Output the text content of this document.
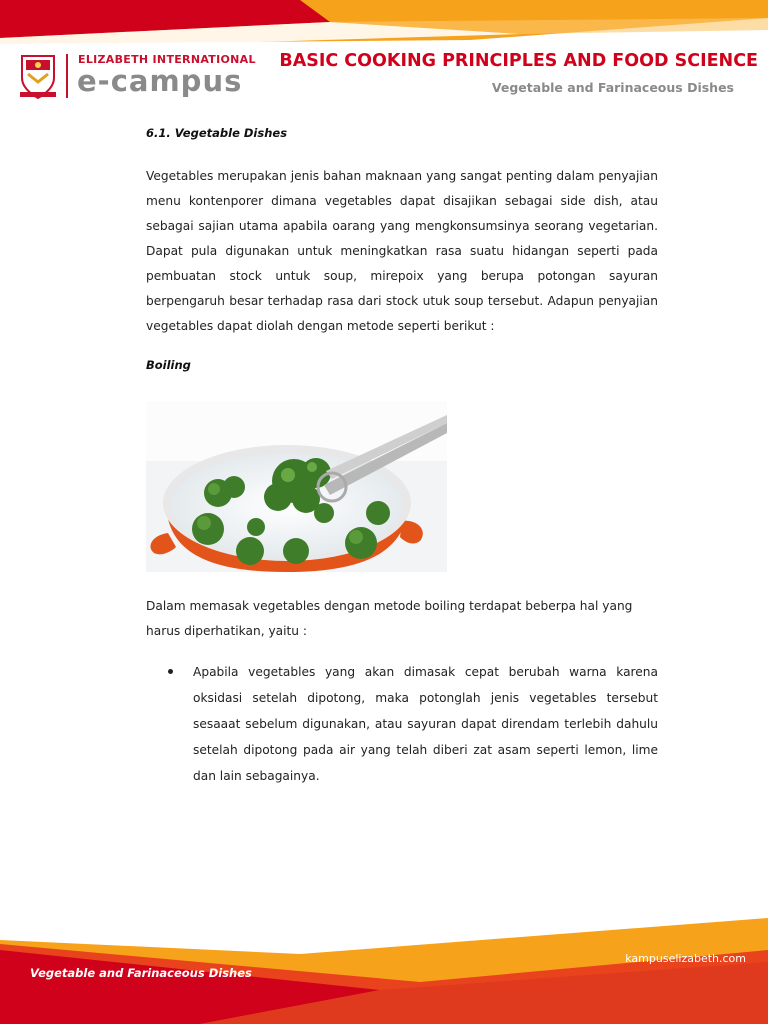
ELIZABETH INTERNATIONAL
e-campus
BASIC COOKING PRINCIPLES AND FOOD SCIENCE
Vegetable and Farinaceous Dishes
6.1. Vegetable Dishes

Vegetables merupakan jenis bahan maknaan yang sangat penting dalam penyajian menu kontenporer dimana vegetables dapat disajikan sebagai side dish, atau sebagai sajian utama apabila oarang yang mengkonsumsinya seorang vegetarian. Dapat pula digunakan untuk meningkatkan rasa suatu hidangan seperti pada pembuatan stock untuk soup, mirepoix yang berupa potongan sayuran berpengaruh besar terhadap rasa dari stock utuk soup tersebut. Adapun penyajian vegetables dapat diolah dengan metode seperti berikut :

Boiling

Dalam memasak vegetables dengan metode boiling terdapat beberpa hal yang harus diperhatikan, yaitu :

Apabila vegetables yang akan dimasak cepat berubah warna karena oksidasi setelah dipotong, maka potonglah jenis vegetables tersebut sesaaat sebelum digunakan, atau sayuran dapat direndam terlebih dahulu setelah dipotong pada air yang telah diberi zat asam seperti lemon, lime dan lain sebagainya.
Vegetable and Farinaceous Dishes
kampuselizabeth.com
